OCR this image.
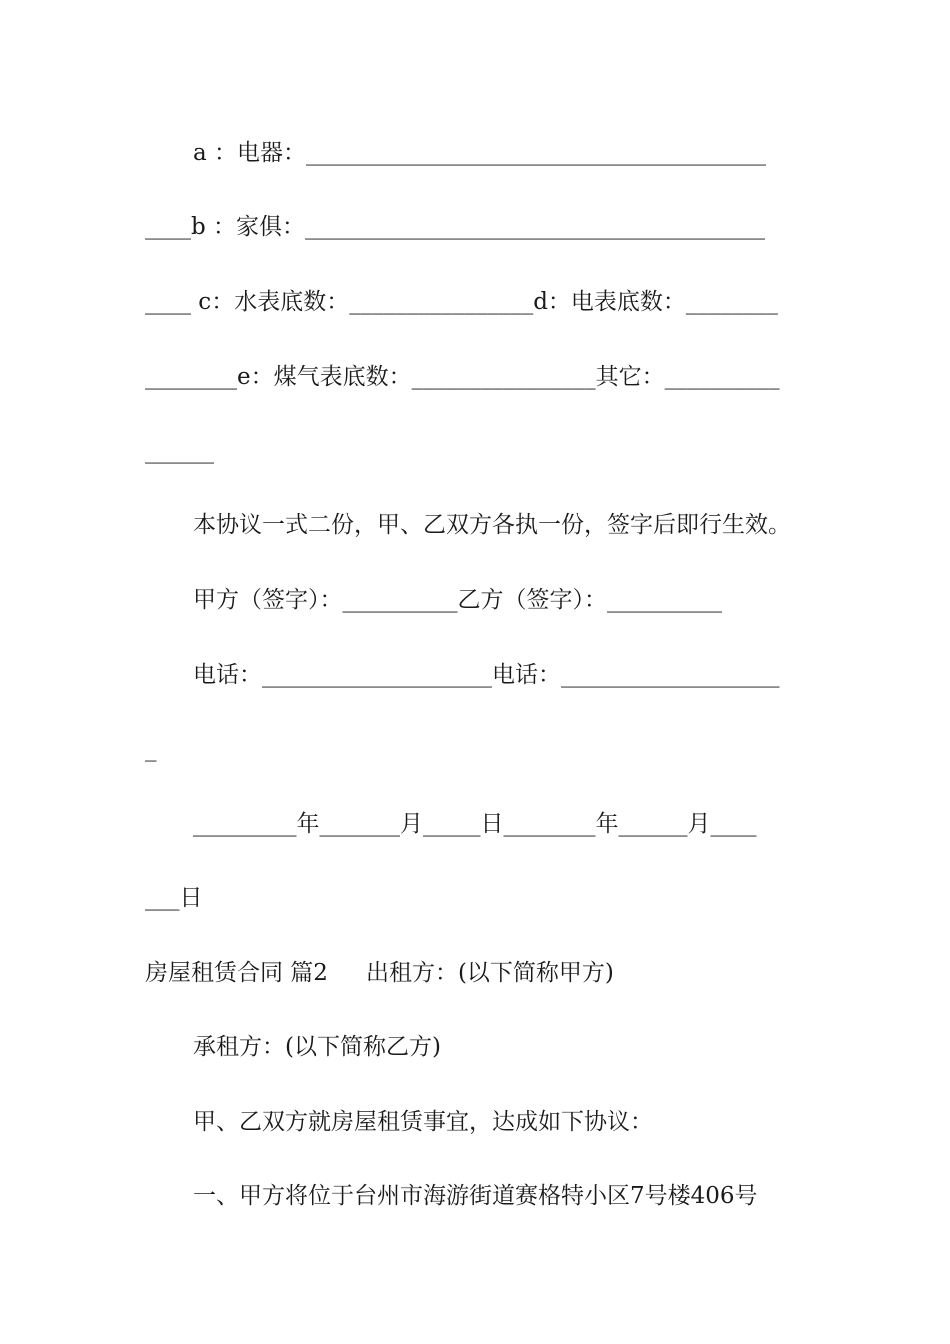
a ：电器：________________________________________
____b ：家俱：________________________________________
____ c：水表底数：________________d：电表底数：________
________e：煤气表底数：________________其它：__________
______
本协议一式二份，甲、乙双方各执一份，签字后即行生效。
甲方（签字）：__________乙方（签字）：__________
电话：____________________电话：___________________
_
_________年_______月_____日________年______月____
___日
房屋租赁合同 篇2 出租方：(以下简称甲方)
承租方：(以下简称乙方)
甲、乙双方就房屋租赁事宜，达成如下协议：
一、甲方将位于台州市海游街道赛格特小区7号楼406号
